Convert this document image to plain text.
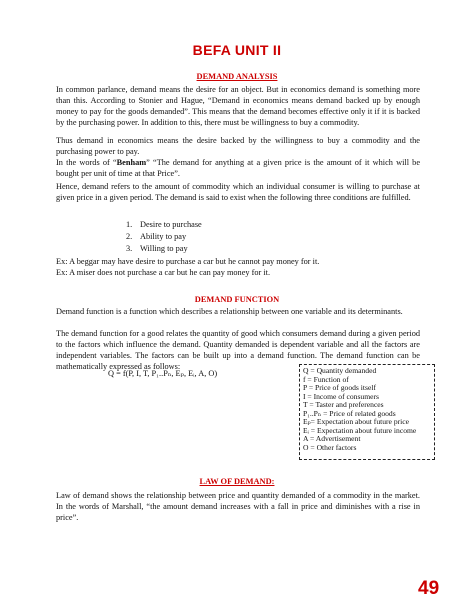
BEFA UNIT II
DEMAND ANALYSIS

In common parlance, demand means the desire for an object. But in economics demand is something more than this. According to Stonier and Hague, “Demand in economics means demand backed up by enough money to pay for the goods demanded”. This means that the demand becomes effective only it if it is backed by the purchasing power. In addition to this, there must be willingness to buy a commodity.

Thus demand in economics means the desire backed by the willingness to buy a commodity and the purchasing power to pay.

In the words of “Benham” “The demand for anything at a given price is the amount of it which will be bought per unit of time at that Price”.

Hence, demand refers to the amount of commodity which an individual consumer is willing to purchase at given price in a given period. The demand is said to exist when the following three conditions are fulfilled.

1. Desire to purchase
2. Ability to pay
3. Willing to pay
Ex: A beggar may have desire to purchase a car but he cannot pay money for it.
Ex: A miser does not purchase a car but he can pay money for it.
DEMAND FUNCTION

Demand function is a function which describes a relationship between one variable and its determinants.

The demand function for a good relates the quantity of good which consumers demand during a given period to the factors which influence the demand. Quantity demanded is dependent variable and all the factors are independent variables. The factors can be built up into a demand function. The demand function can be mathematically expressed as follows:

Q = f(P, I, T, P₁..Pₙ, Eₚ, Eᵢ, A, O)	Q = Quantity demanded
f = Function of
P = Price of goods itself
I = Income of consumers
T = Taster and preferences
P₁..Pₙ = Price of related goods
Eₚ= Expectation about future price
Eᵢ = Expectation about future income
A = Advertisement
O = Other factors
LAW OF DEMAND:

Law of demand shows the relationship between price and quantity demanded of a commodity in the market. In the words of Marshall, “the amount demand increases with a fall in price and diminishes with a rise in price”.

49
